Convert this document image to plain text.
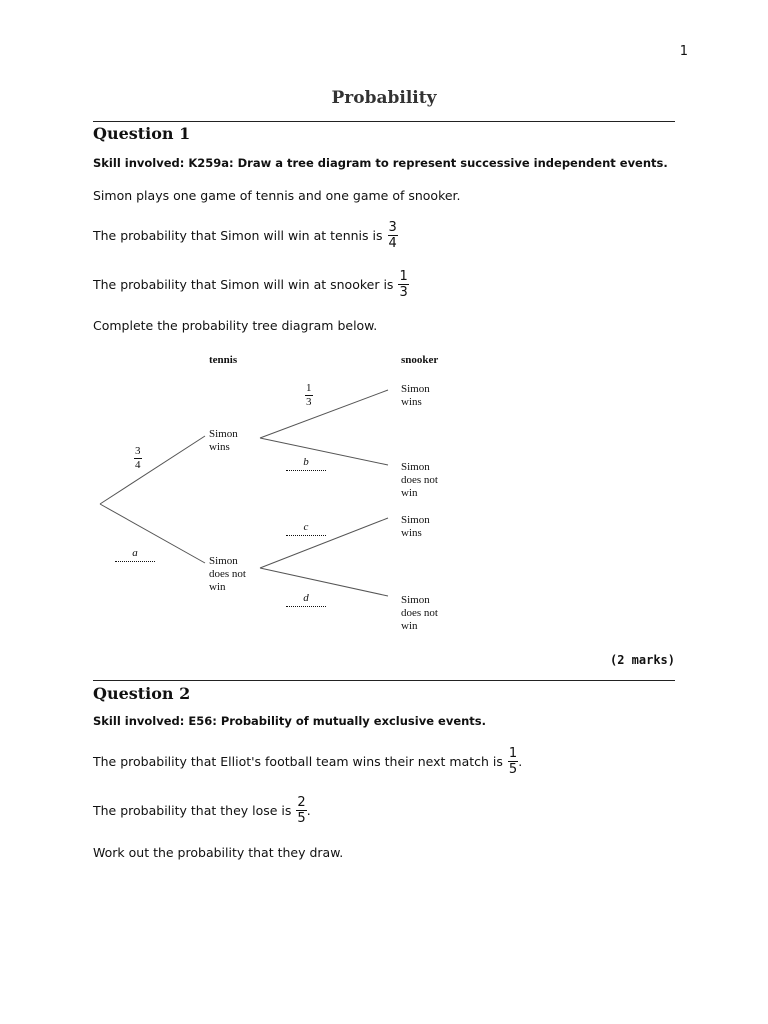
1
Probability
Question 1
Skill involved: K259a: Draw a tree diagram to represent successive independent events.
Simon plays one game of tennis and one game of snooker.
The probability that Simon will win at tennis is $\frac{3}{4}$
The probability that Simon will win at snooker is $\frac{1}{3}$
Complete the probability tree diagram below.
tennis	snooker
$\frac{3}{4}$
a
Simon
wins
Simon
does not
win
$\frac{1}{3}$
b
c
d
Simon
wins
Simon
does not
win
Simon
wins
Simon
does not
win
(2 marks)
Question 2
Skill involved: E56: Probability of mutually exclusive events.
The probability that Elliot's football team wins their next match is $\frac{1}{5}$ .
The probability that they lose is $\frac{2}{5}$ .
Work out the probability that they draw.
